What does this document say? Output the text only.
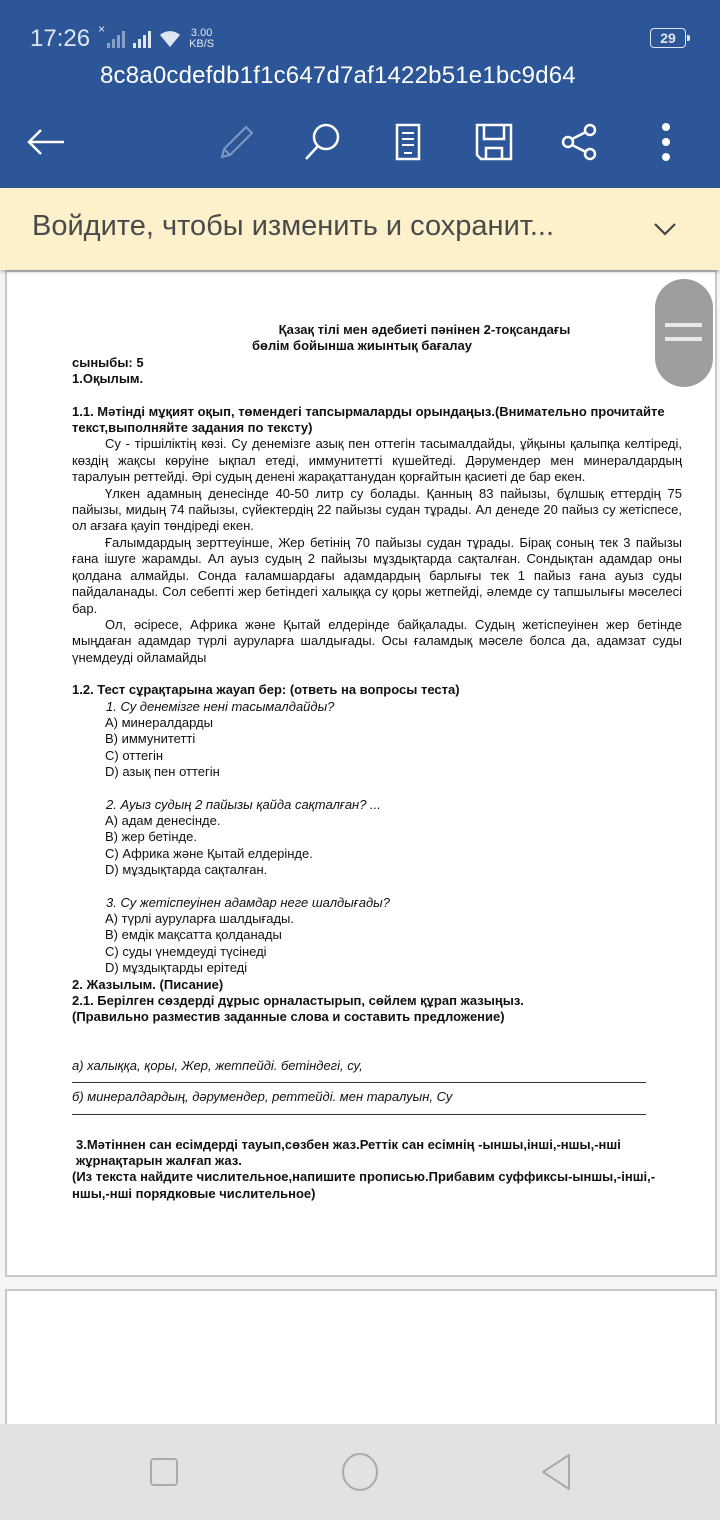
17:26 ×	3.00
KB/S	29
8c8a0cdefdb1f1c647d7af1422b51e1bc9d64
Войдите, чтобы изменить и сохранит...
Қазақ тілі мен әдебиеті пәнінен 2-тоқсандағы
бөлім бойынша жиынтық бағалау
сыныбы: 5
1.Оқылым.
1.1. Мәтінді мұқият оқып, төмендегі тапсырмаларды орындаңыз.(Внимательно прочитайте текст,выполняйте задания по тексту)

Су - тіршіліктің көзі. Су денемізге азық пен оттегін тасымалдайды, ұйқыны қалыпқа келтіреді, көздің жақсы көруіне ықпал етеді, иммунитетті күшейтеді. Дәрумендер мен минералдардың таралуын реттейді. Әрі судың денені жарақаттанудан қорғайтын қасиеті де бар екен.

Үлкен адамның денесінде 40-50 литр су болады. Қанның 83 пайызы, бұлшық еттердің 75 пайызы, мидың 74 пайызы, сүйектердің 22 пайызы судан тұрады. Ал денеде 20 пайыз су жетіспесе, ол ағзаға қауіп төндіреді екен.

Ғалымдардың зерттеуінше, Жер бетінің 70 пайызы судан тұрады. Бірақ соның тек 3 пайызы ғана ішуге жарамды. Ал ауыз судың 2 пайызы мұздықтарда сақталған. Сондықтан адамдар оны қолдана алмайды. Сонда ғаламшардағы адамдардың барлығы тек 1 пайыз ғана ауыз суды пайдаланады. Сол себепті жер бетіндегі халыққа су қоры жетпейді, әлемде су тапшылығы мәселесі бар.

Ол, әсіресе, Африка және Қытай елдерінде байқалады. Судың жетіспеуінен жер бетінде мыңдаған адамдар түрлі ауруларға шалдығады. Осы ғаламдық мәселе болса да, адамзат суды үнемдеуді ойламайды

1.2. Тест сұрақтарына жауап бер: (ответь на вопросы теста)
1. Су денемізге нені тасымалдайды?
A) минералдарды
B) иммунитетті
C) оттегін
D) азық пен оттегін
2. Ауыз судың 2 пайызы қайда сақталған? ...
A) адам денесінде.
B) жер бетінде.
C) Африка және Қытай елдерінде.
D) мұздықтарда сақталған.
3. Су жетіспеуінен адамдар неге шалдығады?
A) түрлі ауруларға шалдығады.
B) емдік мақсатта қолданады
C) суды үнемдеуді түсінеді
D) мұздықтарды ерітеді
2. Жазылым. (Писание)
2.1. Берілген сөздерді дұрыс орналастырып, сөйлем құрап жазыңыз.
(Правильно разместив заданные слова и составить предложение)
а) халыққа, қоры, Жер, жетпейді. бетіндегі, су,
б) минералдардың, дәрумендер, реттейді. мен таралуын, Су
3.Мәтіннен сан есімдерді тауып,сөзбен жаз.Реттік сан есімнің -ыншы,інші,-ншы,-нші жұрнақтарын жалғап жаз.
(Из текста найдите числительное,напишите прописью.Прибавим суффиксы-ыншы,-інші,-ншы,-нші порядковые числительное)
